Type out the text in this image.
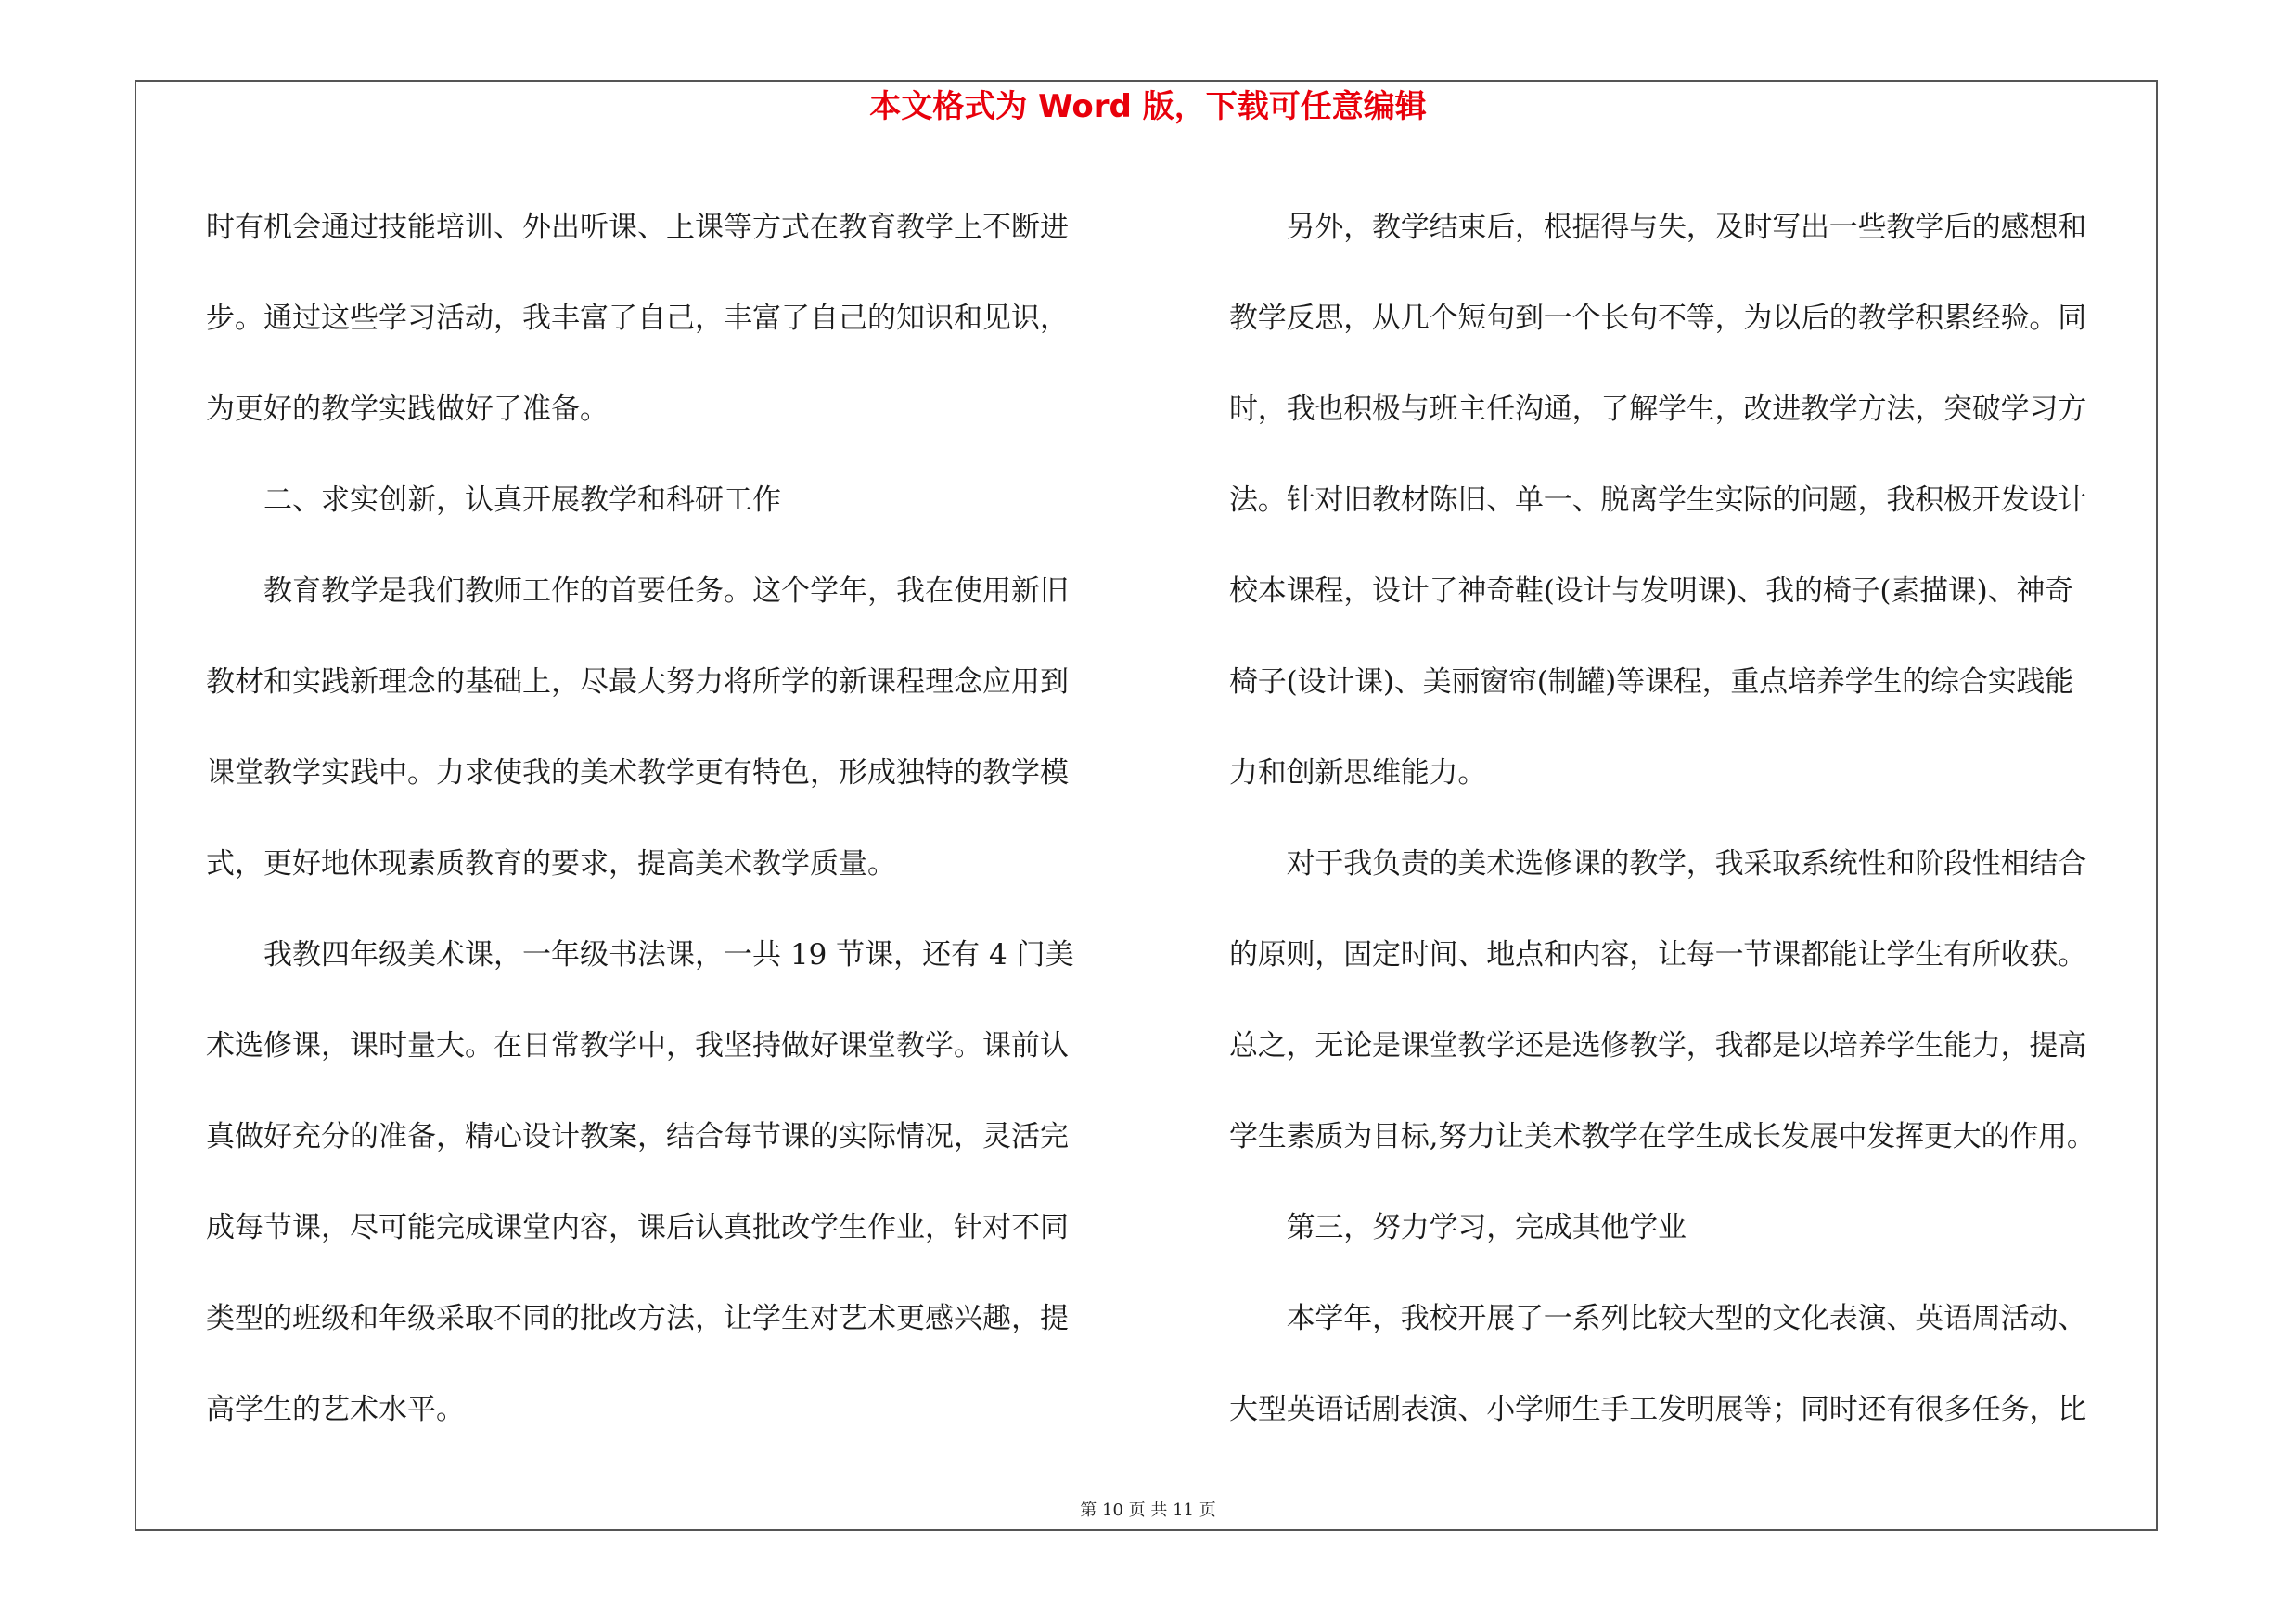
本文格式为 Word 版，下载可任意编辑
时有机会通过技能培训、外出听课、上课等方式在教育教学上不断进
步。通过这些学习活动，我丰富了自己，丰富了自己的知识和见识，
为更好的教学实践做好了准备。
　　二、求实创新，认真开展教学和科研工作
　　教育教学是我们教师工作的首要任务。这个学年，我在使用新旧
教材和实践新理念的基础上，尽最大努力将所学的新课程理念应用到
课堂教学实践中。力求使我的美术教学更有特色，形成独特的教学模
式，更好地体现素质教育的要求，提高美术教学质量。
　　我教四年级美术课，一年级书法课，一共 19 节课，还有 4 门美
术选修课，课时量大。在日常教学中，我坚持做好课堂教学。课前认
真做好充分的准备，精心设计教案，结合每节课的实际情况，灵活完
成每节课，尽可能完成课堂内容，课后认真批改学生作业，针对不同
类型的班级和年级采取不同的批改方法，让学生对艺术更感兴趣，提
高学生的艺术水平。
　　另外，教学结束后，根据得与失，及时写出一些教学后的感想和
教学反思，从几个短句到一个长句不等，为以后的教学积累经验。同
时，我也积极与班主任沟通，了解学生，改进教学方法，突破学习方
法。针对旧教材陈旧、单一、脱离学生实际的问题，我积极开发设计
校本课程，设计了神奇鞋(设计与发明课)、我的椅子(素描课)、神奇
椅子(设计课)、美丽窗帘(制罐)等课程，重点培养学生的综合实践能
力和创新思维能力。
　　对于我负责的美术选修课的教学，我采取系统性和阶段性相结合
的原则，固定时间、地点和内容，让每一节课都能让学生有所收获。
总之，无论是课堂教学还是选修教学，我都是以培养学生能力，提高
学生素质为目标,努力让美术教学在学生成长发展中发挥更大的作用。
　　第三，努力学习，完成其他学业
　　本学年，我校开展了一系列比较大型的文化表演、英语周活动、
大型英语话剧表演、小学师生手工发明展等；同时还有很多任务，比
第 10 页 共 11 页
